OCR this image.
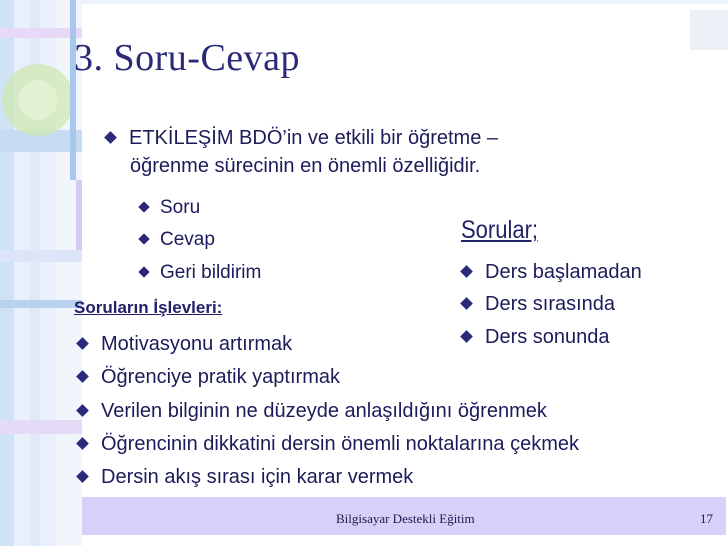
3. Soru-Cevap
ETKİLEŞİM BDÖ’in ve etkili bir öğretme –
öğrenme sürecinin en önemli özelliğidir.
Soru
Cevap
Geri bildirim
Sorular;
Ders başlamadan
Ders sırasında
Ders sonunda
Soruların İşlevleri:
Motivasyonu artırmak
Öğrenciye pratik yaptırmak
Verilen bilginin ne düzeyde anlaşıldığını öğrenmek
Öğrencinin dikkatini dersin önemli noktalarına çekmek
Dersin akış sırası için karar vermek
Bilgisayar Destekli Eğitim	17
